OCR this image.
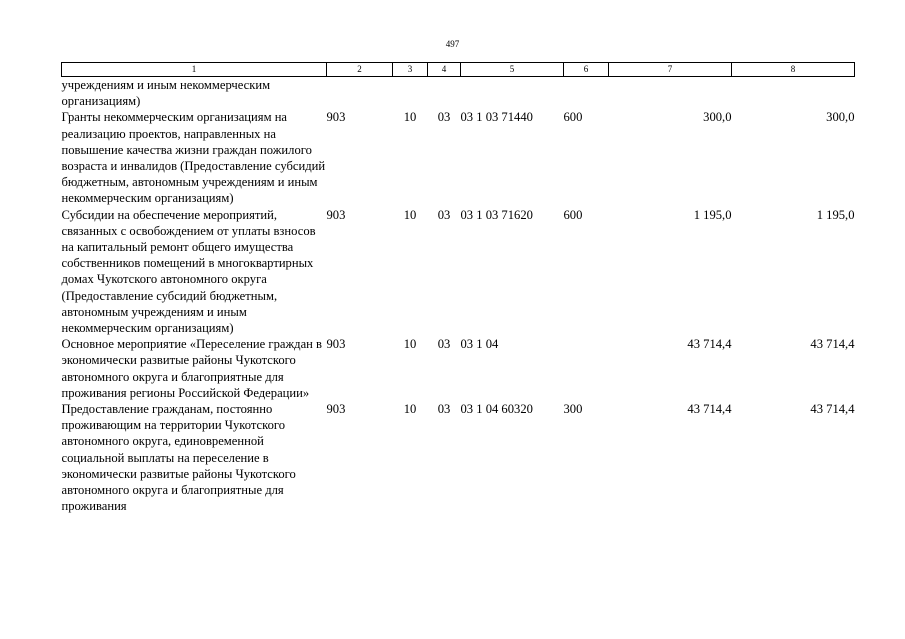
497
1	2	3	4	5	6	7	8
учреждениям и иным некоммерческим организациям)							
Гранты некоммерческим организациям на реализацию проектов, направленных на повышение качества жизни граждан пожилого возраста и инвалидов (Предоставление субсидий бюджетным, автономным учреждениям и иным некоммерческим организациям)	903	10	03	03 1 03 71440	600	300,0	300,0
Субсидии на обеспечение мероприятий, связанных с освобождением от уплаты взносов на капитальный ремонт общего имущества собственников помещений в многоквартирных домах Чукотского автономного округа (Предоставление субсидий бюджетным, автономным учреждениям и иным некоммерческим организациям)	903	10	03	03 1 03 71620	600	1 195,0	1 195,0
Основное мероприятие «Переселение граждан в экономически развитые районы Чукотского автономного округа и благоприятные для проживания регионы Российской Федерации»	903	10	03	03 1 04		43 714,4	43 714,4
Предоставление гражданам, постоянно проживающим на территории Чукотского автономного округа, единовременной социальной выплаты на переселение в экономически развитые районы Чукотского автономного округа и благоприятные для проживания	903	10	03	03 1 04 60320	300	43 714,4	43 714,4
